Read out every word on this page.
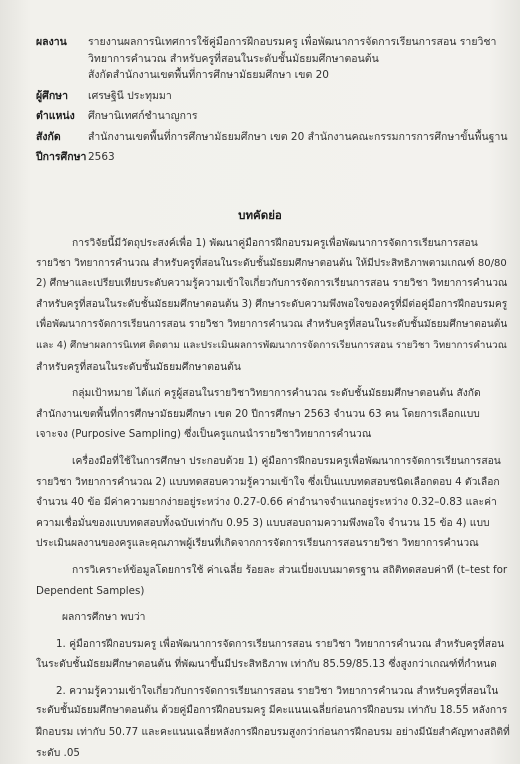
ผลงาน	รายงานผลการนิเทศการใช้คู่มือการฝึกอบรมครู เพื่อพัฒนาการจัดการเรียนการสอน รายวิชา
วิทยาการคำนวณ สำหรับครูที่สอนในระดับชั้นมัธยมศึกษาตอนต้น
สังกัดสำนักงานเขตพื้นที่การศึกษามัธยมศึกษา เขต 20
ผู้ศึกษา	เศรษฐินี ประทุมมา
ตำแหน่ง	ศึกษานิเทศก์ชำนาญการ
สังกัด	สำนักงานเขตพื้นที่การศึกษามัธยมศึกษา เขต 20 สำนักงานคณะกรรมการการศึกษาขั้นพื้นฐาน
ปีการศึกษา 2563
บทคัดย่อ
การวิจัยนี้มีวัตถุประสงค์เพื่อ 1) พัฒนาคู่มือการฝึกอบรมครูเพื่อพัฒนาการจัดการเรียนการสอน
รายวิชา วิทยาการคำนวณ สำหรับครูที่สอนในระดับชั้นมัธยมศึกษาตอนต้น ให้มีประสิทธิภาพตามเกณฑ์ 80/80
2) ศึกษาและเปรียบเทียบระดับความรู้ความเข้าใจเกี่ยวกับการจัดการเรียนการสอน รายวิชา วิทยาการคำนวณ
สำหรับครูที่สอนในระดับชั้นมัธยมศึกษาตอนต้น 3) ศึกษาระดับความพึงพอใจของครูที่มีต่อคู่มือการฝึกอบรมครู
เพื่อพัฒนาการจัดการเรียนการสอน รายวิชา วิทยาการคำนวณ สำหรับครูที่สอนในระดับชั้นมัธยมศึกษาตอนต้น
และ 4) ศึกษาผลการนิเทศ ติดตาม และประเมินผลการพัฒนาการจัดการเรียนการสอน รายวิชา วิทยาการคำนวณ
สำหรับครูที่สอนในระดับชั้นมัธยมศึกษาตอนต้น
กลุ่มเป้าหมาย ได้แก่ ครูผู้สอนในรายวิชาวิทยาการคำนวณ ระดับชั้นมัธยมศึกษาตอนต้น สังกัด
สำนักงานเขตพื้นที่การศึกษามัธยมศึกษา เขต 20 ปีการศึกษา 2563 จำนวน 63 คน โดยการเลือกแบบ
เจาะจง (Purposive Sampling) ซึ่งเป็นครูแกนนำรายวิชาวิทยาการคำนวณ
เครื่องมือที่ใช้ในการศึกษา ประกอบด้วย 1) คู่มือการฝึกอบรมครูเพื่อพัฒนาการจัดการเรียนการสอน
รายวิชา วิทยาการคำนวณ 2) แบบทดสอบความรู้ความเข้าใจ ซึ่งเป็นแบบทดสอบชนิดเลือกตอบ 4 ตัวเลือก
จำนวน 40 ข้อ มีค่าความยากง่ายอยู่ระหว่าง 0.27-0.66 ค่าอำนาจจำแนกอยู่ระหว่าง 0.32–0.83 และค่า
ความเชื่อมั่นของแบบทดสอบทั้งฉบับเท่ากับ 0.95 3) แบบสอบถามความพึงพอใจ จำนวน 15 ข้อ 4) แบบ
ประเมินผลงานของครูและคุณภาพผู้เรียนที่เกิดจากการจัดการเรียนการสอนรายวิชา วิทยาการคำนวณ
การวิเคราะห์ข้อมูลโดยการใช้ ค่าเฉลี่ย ร้อยละ ส่วนเบี่ยงเบนมาตรฐาน สถิติทดสอบค่าที (t–test for
Dependent Samples)
ผลการศึกษา พบว่า
1. คู่มือการฝึกอบรมครู เพื่อพัฒนาการจัดการเรียนการสอน รายวิชา วิทยาการคำนวณ สำหรับครูที่สอน
ในระดับชั้นมัธยมศึกษาตอนต้น ที่พัฒนาขึ้นมีประสิทธิภาพ เท่ากับ 85.59/85.13 ซึ่งสูงกว่าเกณฑ์ที่กำหนด
2. ความรู้ความเข้าใจเกี่ยวกับการจัดการเรียนการสอน รายวิชา วิทยาการคำนวณ สำหรับครูที่สอนใน
ระดับชั้นมัธยมศึกษาตอนต้น ด้วยคู่มือการฝึกอบรมครู มีคะแนนเฉลี่ยก่อนการฝึกอบรม เท่ากับ 18.55 หลังการ
ฝึกอบรม เท่ากับ 50.77 และคะแนนเฉลี่ยหลังการฝึกอบรมสูงกว่าก่อนการฝึกอบรม อย่างมีนัยสำคัญทางสถิติที่
ระดับ .05
